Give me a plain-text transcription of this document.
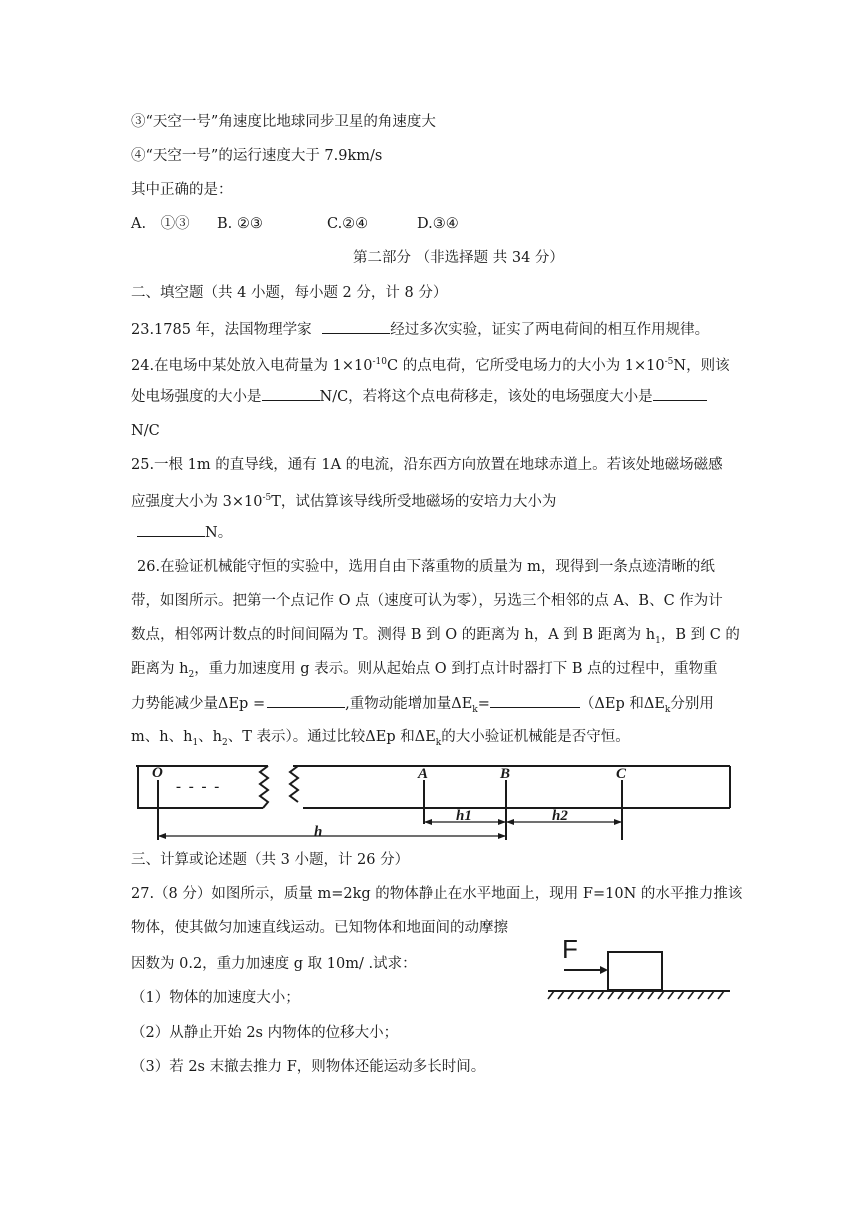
③“天空一号”角速度比地球同步卫星的角速度大
④“天空一号”的运行速度大于 7.9km/s
其中正确的是：
A.　①③ B. ②③	C.②④	D.③④
第二部分 （非选择题 共 34 分）
二、填空题（共 4 小题，每小题 2 分，计 8 分）
23.1785 年，法国物理学家	经过多次实验，证实了两电荷间的相互作用规律。
24.在电场中某处放入电荷量为 $1\times 10^{-10}C$ 的点电荷，它所受电场力的大小为 $1\times 10^{-5}N$，则该
处电场强度的大小是	N/C，若将这个点电荷移走，该处的电场强度大小是
N/C
25.一根 1m 的直导线，通有 1A 的电流，沿东西方向放置在地球赤道上。若该处地磁场磁感
应强度大小为 $3\times 10^{-5}T$，试估算该导线所受地磁场的安培力大小为
N。
26.在验证机械能守恒的实验中，选用自由下落重物的质量为 m，现得到一条点迹清晰的纸
带，如图所示。把第一个点记作 O 点（速度可认为零），另选三个相邻的点 A、B、C 作为计
数点，相邻两计数点的时间间隔为 T。测得 B 到 O 的距离为 h，A 到 B 距离为 $h_1$，B 到 C 的
距离为 $h_2$，重力加速度用 g 表示。则从起始点 O 到打点计时器打下 B 点的过程中，重物重
力势能减少量ΔEp =	,重物动能增加量$\Delta E_k=$	（ΔEp 和$\Delta E_k$分别用
m、h、$h_1$、$h_2$、T 表示）。通过比较ΔEp 和$\Delta E_k$的大小验证机械能是否守恒。
O
- - - -
A	B	C
h1	h2
h
三、计算或论述题（共 3 小题，计 26 分）
27.（8 分）如图所示，质量 m=2kg 的物体静止在水平地面上，现用 F=10N 的水平推力推该
物体，使其做匀加速直线运动。已知物体和地面间的动摩擦
因数为 0.2，重力加速度 g 取 10m/ .试求：
（1）物体的加速度大小；
（2）从静止开始 2s 内物体的位移大小；
（3）若 2s 末撤去推力 F，则物体还能运动多长时间。
F
